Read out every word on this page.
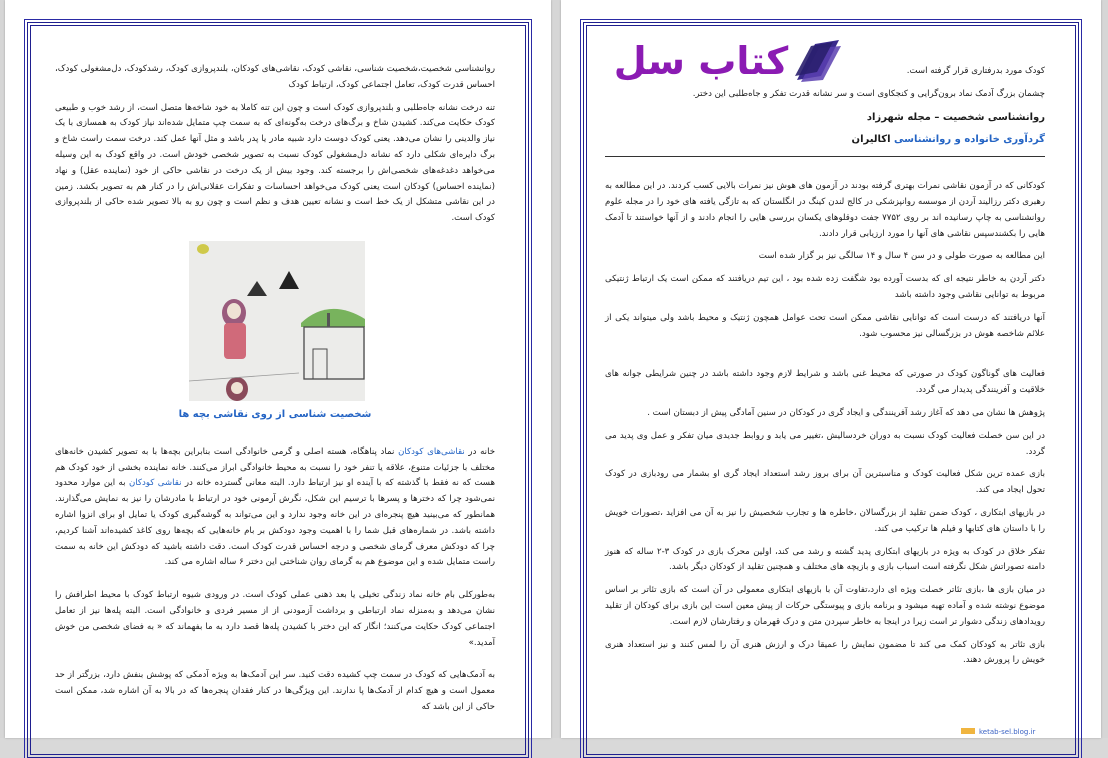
روانشناسی شخصیت،شخصیت شناسی، نقاشی کودک، نقاشی‌های کودکان، بلندپروازی کودک، رشدکودک، دل‌مشغولی کودک، احساس قدرت کودک، تعامل اجتماعی کودک، ارتباط کودک

تنه درخت نشانه جاه‌طلبی و بلندپروازی کودک است و چون این تنه کاملا به خود شاخه‌ها متصل است، از رشد خوب و طبیعی کودک حکایت می‌کند. کشیدن شاخ و برگ‌های درخت به‌گونه‌ای که به سمت چپ متمایل شده‌اند نیاز کودک به همسازی با یک نیاز والدینی را نشان می‌دهد. یعنی کودک دوست دارد شبیه مادر یا پدر باشد و مثل آنها عمل کند. درخت سمت راست شاخ و برگ دایره‌ای شکلی دارد که نشانه دل‌مشغولی کودک نسبت به تصویر شخصی خودش است. در واقع کودک به این وسیله می‌خواهد دغدغه‌های شخصی‌اش را برجسته کند. وجود بیش از یک درخت در نقاشی حاکی از خود (نماینده عقل) و نهاد (نماینده احساس) کودکان است یعنی کودک می‌خواهد احساسات و تفکرات عقلانی‌اش را در کنار هم به تصویر بکشد. زمین در این نقاشی متشکل از یک خط است و نشانه تعیین هدف و نظم است و چون رو به بالا تصویر شده حاکی از بلندپروازی کودک است.

شخصیت شناسی از روی نقاشی بچه ها

خانه در نقاشی‌های کودکان نماد پناهگاه، هسته اصلی و گرمی خانوادگی است بنابراین بچه‌ها با به تصویر کشیدن خانه‌های مختلف با جزئیات متنوع، علاقه یا تنفر خود را نسبت به محیط خانوادگی ابراز می‌کنند. خانه نماینده بخشی از خود کودک هم هست که نه فقط با گذشته که با آینده او نیز ارتباط دارد. البته معانی گسترده خانه در نقاشی کودکان به این موارد محدود نمی‌شود چرا که دخترها و پسرها با ترسیم این شکل، نگرش آرمونی خود در ارتباط با مادرشان را نیز به نمایش می‌گذارند. همانطور که می‌بینید هیچ پنجره‌ای در این خانه وجود ندارد و این می‌تواند به گوشه‌گیری کودک یا تمایل او برای انزوا اشاره داشته باشد. در شماره‌های قبل شما را با اهمیت وجود دودکش بر بام خانه‌هایی که بچه‌ها روی کاغذ کشیده‌اند آشنا کردیم، چرا که دودکش معرف گرمای شخصی و درجه احساس قدرت کودک است. دقت داشته باشید که دودکش این خانه به سمت راست متمایل شده و این موضوع هم به گرمای روان شناختی این دختر ۶ ساله اشاره می کند.

به‌طورکلی بام خانه نماد زندگی تخیلی یا بعد ذهنی عملی کودک است. در ورودی شیوه ارتباط کودک با محیط اطرافش را نشان می‌دهد و به‌منزله نماد ارتباطی و برداشت آزمودنی از از مسیر فردی و خانوادگی است. البته پله‌ها نیز از تعامل اجتماعی کودک حکایت می‌کنند؛ انگار که این دختر با کشیدن پله‌ها قصد دارد به ما بفهماند که « به فضای شخصی من خوش آمدید.»

به آدمک‌هایی که کودک در سمت چپ کشیده دقت کنید. سر این آدمک‌ها به ویژه آدمکی که پوشش بنفش دارد، بزرگتر از حد معمول است و هیچ کدام از آدمک‌ها پا ندارند. این ویژگی‌ها در کنار فقدان پنجره‌ها که در بالا به آن اشاره شد، ممکن است حاکی از این باشد که

کتاب سل	کودک مورد بدرفتاری قرار گرفته است.

چشمان بزرگ آدمک نماد برون‌گرایی و کنجکاوی است و سر نشانه قدرت تفکر و جاه‌طلبی این دختر.

روانشناسی شخصیت – مجله شهرزاد

گردآوری خانواده و روانشناسی اکالیران

کودکانی که در آزمون نقاشی نمرات بهتری گرفته بودند در آزمون های هوش نیز نمرات بالایی کسب کردند. در این مطالعه به رهبری دکتر رزالیند آردن از موسسه روانپزشکی در کالج لندن کینگ در انگلستان که به تازگی یافته های خود را در مجله علوم روانشناسی به چاپ رسانیده اند بر روی ۷۷۵۲ جفت دوقلوهای یکسان بررسی هایی را انجام دادند و از آنها خواستند تا آدمک هایی را بکشندسپس نقاشی های آنها را مورد ارزیابی قرار دادند.

این مطالعه به صورت طولی و در سن ۴ سال و ۱۴ سالگی نیز بر گزار شده است

دکتر آردن به خاطر نتیجه ای که بدست آورده بود شگفت زده شده بود ، این تیم دریافتند که ممکن است یک ارتباط ژنتیکی مربوط به توانایی نقاشی وجود داشته باشد

آنها دریافتند که درست است که توانایی نقاشی ممکن است تحت عوامل همچون ژنتیک و محیط باشد ولی میتواند یکی از علائم شاخصه هوش در بزرگسالی نیز محسوب شود.

فعالیت های گوناگون کودک در صورتی که محیط غنی باشد و شرایط لازم وجود داشته باشد در چنین شرایطی جوانه های خلاقیت و آفرینندگی پدیدار می گردد.

پژوهش ها نشان می دهد که آغاز رشد آفرینندگی و ایجاد گری در کودکان در سنین آمادگی پیش از دبستان است .

در این سن خصلت فعالیت کودک نسبت به دوران خردسالیش ،تغییر می یابد و روابط جدیدی میان تفکر و عمل وی پدید می گردد.

بازی عمده ترین شکل فعالیت کودک و مناسبترین آن برای بروز رشد استعداد ایجاد گری او بشمار می رودبازی در کودک تحول ایجاد می کند.

در بازیهای ابتکاری ، کودک ضمن تقلید از بزرگسالان ،خاطره ها و تجارب شخصیش را نیز به آن می افزاید ،تصورات خویش را با داستان های کتابها و فیلم ها ترکیب می کند.

تفکر خلاق در کودک به ویژه در بازیهای ابتکاری پدید گشته و رشد می کند، اولین محرک بازی در کودک ۳-۲ ساله که هنوز دامنه تصوراتش شکل نگرفته است اسباب بازی و بازیچه های مختلف و همچنین تقلید از کودکان دیگر باشد.

در میان بازی ها ،بازی تئاتر خصلت ویژه ای دارد،تفاوت آن با بازیهای ابتکاری معمولی در آن است که بازی تئاتر بر اساس موضوع نوشته شده و آماده تهیه میشود و برنامه بازی و پیوستگی حرکات از پیش معین است این بازی برای کودکان از تقلید رویدادهای زندگی دشوار تر است زیرا در اینجا به خاطر سپردن متن و درک قهرمان و رفتارشان لازم است.

بازی تئاتر به کودکان کمک می کند تا مضمون نمایش را عمیقا درک و ارزش هنری آن را لمس کنند و نیز استعداد هنری خویش را پرورش دهند.

ketab-sel.blog.ir
